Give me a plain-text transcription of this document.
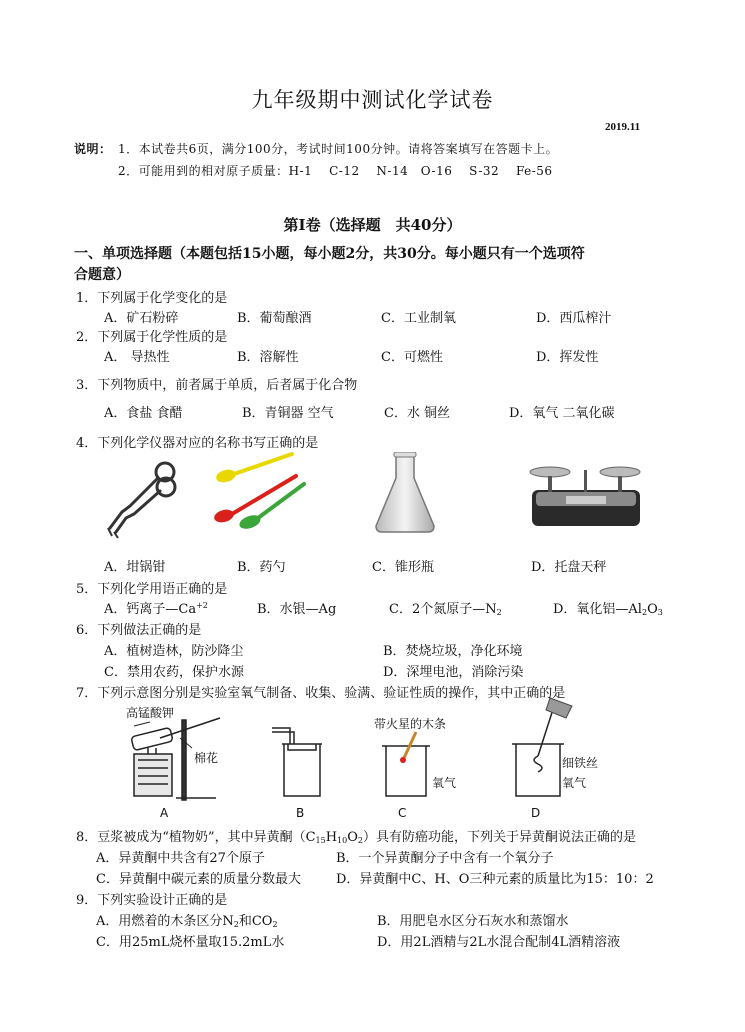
九年级期中测试化学试卷
2019.11
说明： 1．本试卷共6页，满分100分，考试时间100分钟。请将答案填写在答题卡上。
2．可能用到的相对原子质量：H-1　 C-12　 N-14　O-16　 S-32　 Fe-56
第Ⅰ卷（选择题　共40分）
一、单项选择题（本题包括15小题，每小题2分，共30分。每小题只有一个选项符
合题意）
1．下列属于化学变化的是
A．矿石粉碎	B．葡萄酿酒	C．工业制氧	D．西瓜榨汁
2．下列属于化学性质的是
A． 导热性	B．溶解性	C．可燃性	D．挥发性
3．下列物质中，前者属于单质，后者属于化合物
A．食盐 食醋	B．青铜器 空气	C．水 铜丝	D．氧气 二氧化碳
4．下列化学仪器对应的名称书写正确的是
A．坩锅钳	B．药勺	C．锥形瓶	D．托盘天秤
5．下列化学用语正确的是
A．钙离子$—Ca^{+2}$	B．水银—Ag	C．2个氮原子$—N_2$	D．氧化铝$—Al_2O_3$
6．下列做法正确的是
A．植树造林，防沙降尘	B．焚烧垃圾，净化环境
C．禁用农药，保护水源	D．深埋电池，消除污染
7．下列示意图分别是实验室氧气制备、收集、验满、验证性质的操作，其中正确的是
高锰酸钾
棉花
带火星的木条
氧气
细铁丝
氧气
A	B	C	D
8．豆浆被成为“植物奶”，其中异黄酮$(C_{15}H_{10}O_2)$具有防癌功能，下列关于异黄酮说法正确的是
A．异黄酮中共含有27个原子	B．一个异黄酮分子中含有一个氧分子
C．异黄酮中碳元素的质量分数最大	D．异黄酮中C、H、O三种元素的质量比为15：10：2
9．下列实验设计正确的是
A．用燃着的木条区分$N_2$和$CO_2$	B．用肥皂水区分石灰水和蒸馏水
C．用25mL烧杯量取15.2mL水	D．用2L酒精与2L水混合配制4L酒精溶液
